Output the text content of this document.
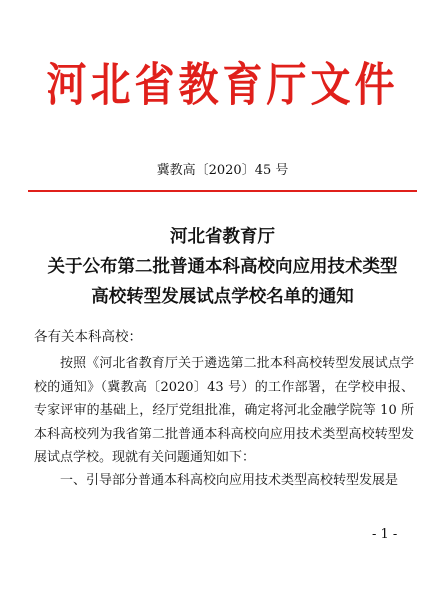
河北省教育厅文件
冀教高〔2020〕45 号
河北省教育厅
关于公布第二批普通本科高校向应用技术类型
高校转型发展试点学校名单的通知
各有关本科高校：
按照《河北省教育厅关于遴选第二批本科高校转型发展试点学校的通知》（冀教高〔2020〕43 号）的工作部署，在学校申报、专家评审的基础上，经厅党组批准，确定将河北金融学院等 10 所本科高校列为我省第二批普通本科高校向应用技术类型高校转型发展试点学校。现就有关问题通知如下：
一、引导部分普通本科高校向应用技术类型高校转型发展是
- 1 -
